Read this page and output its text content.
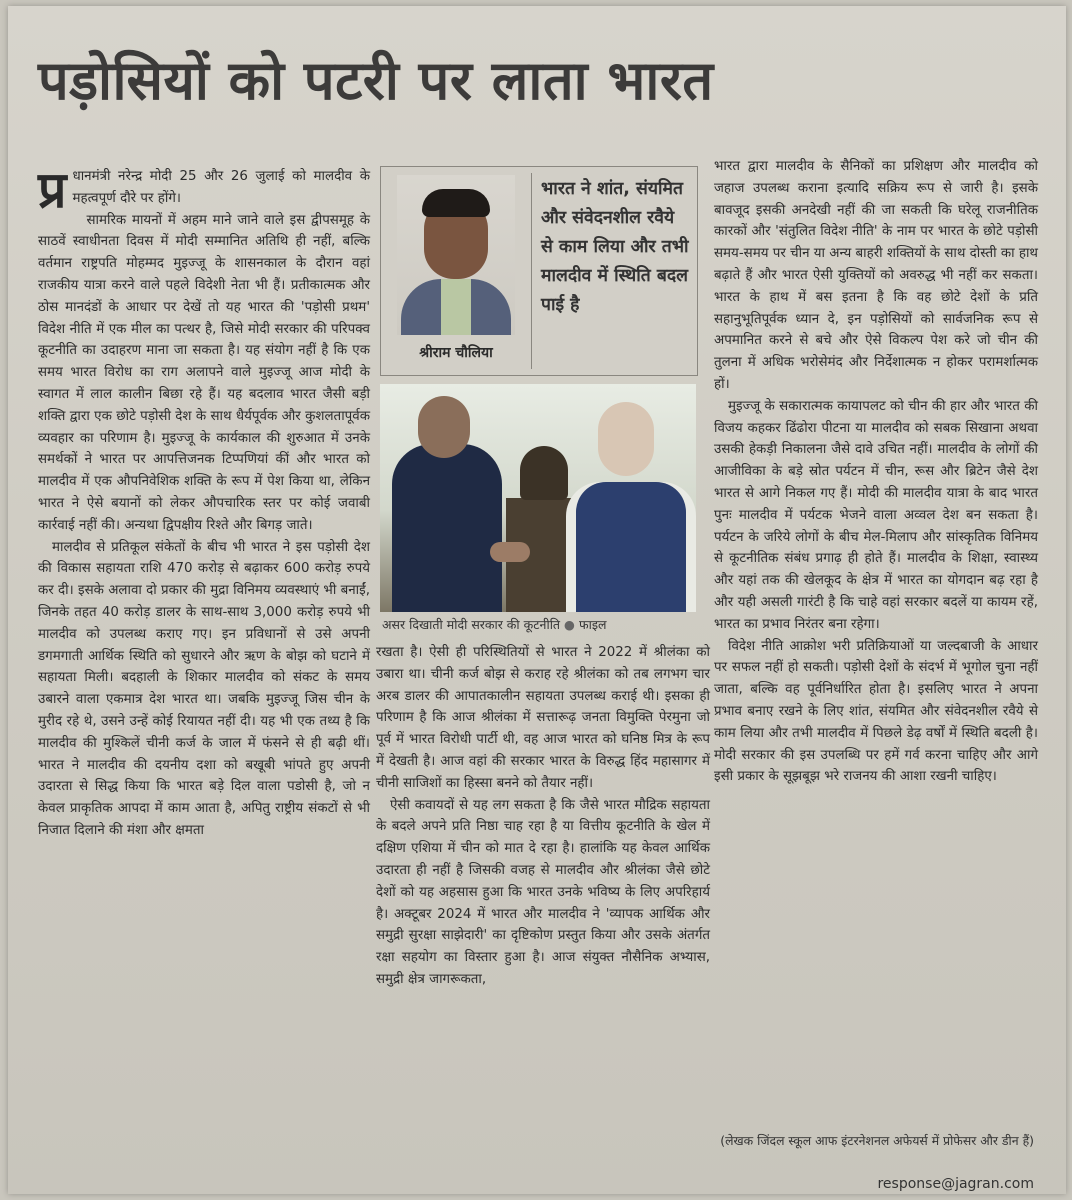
पड़ोसियों को पटरी पर लाता भारत
प्र धानमंत्री नरेन्द्र मोदी 25 और 26 जुलाई को मालदीव के महत्वपूर्ण दौरे पर होंगे।

सामरिक मायनों में अहम माने जाने वाले इस द्वीपसमूह के साठवें स्वाधीनता दिवस में मोदी सम्मानित अतिथि ही नहीं, बल्कि वर्तमान राष्ट्रपति मोहम्मद मुइज्जू के शासनकाल के दौरान वहां राजकीय यात्रा करने वाले पहले विदेशी नेता भी हैं। प्रतीकात्मक और ठोस मानदंडों के आधार पर देखें तो यह भारत की 'पड़ोसी प्रथम' विदेश नीति में एक मील का पत्थर है, जिसे मोदी सरकार की परिपक्व कूटनीति का उदाहरण माना जा सकता है। यह संयोग नहीं है कि एक समय भारत विरोध का राग अलापने वाले मुइज्जू आज मोदी के स्वागत में लाल कालीन बिछा रहे हैं। यह बदलाव भारत जैसी बड़ी शक्ति द्वारा एक छोटे पड़ोसी देश के साथ धैर्यपूर्वक और कुशलतापूर्वक व्यवहार का परिणाम है। मुइज्जू के कार्यकाल की शुरुआत में उनके समर्थकों ने भारत पर आपत्तिजनक टिप्पणियां कीं और भारत को मालदीव में एक औपनिवेशिक शक्ति के रूप में पेश किया था, लेकिन भारत ने ऐसे बयानों को लेकर औपचारिक स्तर पर कोई जवाबी कार्रवाई नहीं की। अन्यथा द्विपक्षीय रिश्ते और बिगड़ जाते।

मालदीव से प्रतिकूल संकेतों के बीच भी भारत ने इस पड़ोसी देश की विकास सहायता राशि 470 करोड़ से बढ़ाकर 600 करोड़ रुपये कर दी। इसके अलावा दो प्रकार की मुद्रा विनिमय व्यवस्थाएं भी बनाईं, जिनके तहत 40 करोड़ डालर के साथ-साथ 3,000 करोड़ रुपये भी मालदीव को उपलब्ध कराए गए। इन प्रविधानों से उसे अपनी डगमगाती आर्थिक स्थिति को सुधारने और ऋण के बोझ को घटाने में सहायता मिली। बदहाली के शिकार मालदीव को संकट के समय उबारने वाला एकमात्र देश भारत था। जबकि मुइज्जू जिस चीन के मुरीद रहे थे, उसने उन्हें कोई रियायत नहीं दी। यह भी एक तथ्य है कि मालदीव की मुश्किलें चीनी कर्ज के जाल में फंसने से ही बढ़ी थीं। भारत ने मालदीव की दयनीय दशा को बखूबी भांपते हुए अपनी उदारता से सिद्ध किया कि भारत बड़े दिल वाला पडोसी है, जो न केवल प्राकृतिक आपदा में काम आता है, अपितु राष्ट्रीय संकटों से भी निजात दिलाने की मंशा और क्षमता

श्रीराम चौलिया
भारत ने शांत, संयमित और संवेदनशील रवैये से काम लिया और तभी मालदीव में स्थिति बदल पाई है
असर दिखाती मोदी सरकार की कूटनीति ● फाइल

रखता है। ऐसी ही परिस्थितियों से भारत ने 2022 में श्रीलंका को उबारा था। चीनी कर्ज बोझ से कराह रहे श्रीलंका को तब लगभग चार अरब डालर की आपातकालीन सहायता उपलब्ध कराई थी। इसका ही परिणाम है कि आज श्रीलंका में सत्तारूढ़ जनता विमुक्ति पेरमुना जो पूर्व में भारत विरोधी पार्टी थी, वह आज भारत को घनिष्ठ मित्र के रूप में देखती है। आज वहां की सरकार भारत के विरुद्ध हिंद महासागर में चीनी साजिशों का हिस्सा बनने को तैयार नहीं।

ऐसी कवायदों से यह लग सकता है कि जैसे भारत मौद्रिक सहायता के बदले अपने प्रति निष्ठा चाह रहा है या वित्तीय कूटनीति के खेल में दक्षिण एशिया में चीन को मात दे रहा है। हालांकि यह केवल आर्थिक उदारता ही नहीं है जिसकी वजह से मालदीव और श्रीलंका जैसे छोटे देशों को यह अहसास हुआ कि भारत उनके भविष्य के लिए अपरिहार्य है। अक्टूबर 2024 में भारत और मालदीव ने 'व्यापक आर्थिक और समुद्री सुरक्षा साझेदारी' का दृष्टिकोण प्रस्तुत किया और उसके अंतर्गत रक्षा सहयोग का विस्तार हुआ है। आज संयुक्त नौसैनिक अभ्यास, समुद्री क्षेत्र जागरूकता,

भारत द्वारा मालदीव के सैनिकों का प्रशिक्षण और मालदीव को जहाज उपलब्ध कराना इत्यादि सक्रिय रूप से जारी है। इसके बावजूद इसकी अनदेखी नहीं की जा सकती कि घरेलू राजनीतिक कारकों और 'संतुलित विदेश नीति' के नाम पर भारत के छोटे पड़ोसी समय-समय पर चीन या अन्य बाहरी शक्तियों के साथ दोस्ती का हाथ बढ़ाते हैं और भारत ऐसी युक्तियों को अवरुद्ध भी नहीं कर सकता। भारत के हाथ में बस इतना है कि वह छोटे देशों के प्रति सहानुभूतिपूर्वक ध्यान दे, इन पड़ोसियों को सार्वजनिक रूप से अपमानित करने से बचे और ऐसे विकल्प पेश करे जो चीन की तुलना में अधिक भरोसेमंद और निर्देशात्मक न होकर परामर्शात्मक हों।

मुइज्जू के सकारात्मक कायापलट को चीन की हार और भारत की विजय कहकर ढिंढोरा पीटना या मालदीव को सबक सिखाना अथवा उसकी हेकड़ी निकालना जैसे दावे उचित नहीं। मालदीव के लोगों की आजीविका के बड़े स्रोत पर्यटन में चीन, रूस और ब्रिटेन जैसे देश भारत से आगे निकल गए हैं। मोदी की मालदीव यात्रा के बाद भारत पुनः मालदीव में पर्यटक भेजने वाला अव्वल देश बन सकता है। पर्यटन के जरिये लोगों के बीच मेल-मिलाप और सांस्कृतिक विनिमय से कूटनीतिक संबंध प्रगाढ़ ही होते हैं। मालदीव के शिक्षा, स्वास्थ्य और यहां तक की खेलकूद के क्षेत्र में भारत का योगदान बढ़ रहा है और यही असली गारंटी है कि चाहे वहां सरकार बदलें या कायम रहें, भारत का प्रभाव निरंतर बना रहेगा।

विदेश नीति आक्रोश भरी प्रतिक्रियाओं या जल्दबाजी के आधार पर सफल नहीं हो सकती। पड़ोसी देशों के संदर्भ में भूगोल चुना नहीं जाता, बल्कि वह पूर्वनिर्धारित होता है। इसलिए भारत ने अपना प्रभाव बनाए रखने के लिए शांत, संयमित और संवेदनशील रवैये से काम लिया और तभी मालदीव में पिछले डेढ़ वर्षों में स्थिति बदली है। मोदी सरकार की इस उपलब्धि पर हमें गर्व करना चाहिए और आगे इसी प्रकार के सूझबूझ भरे राजनय की आशा रखनी चाहिए।

(लेखक जिंदल स्कूल आफ इंटरनेशनल अफेयर्स में प्रोफेसर और डीन हैं)
response@jagran.com
